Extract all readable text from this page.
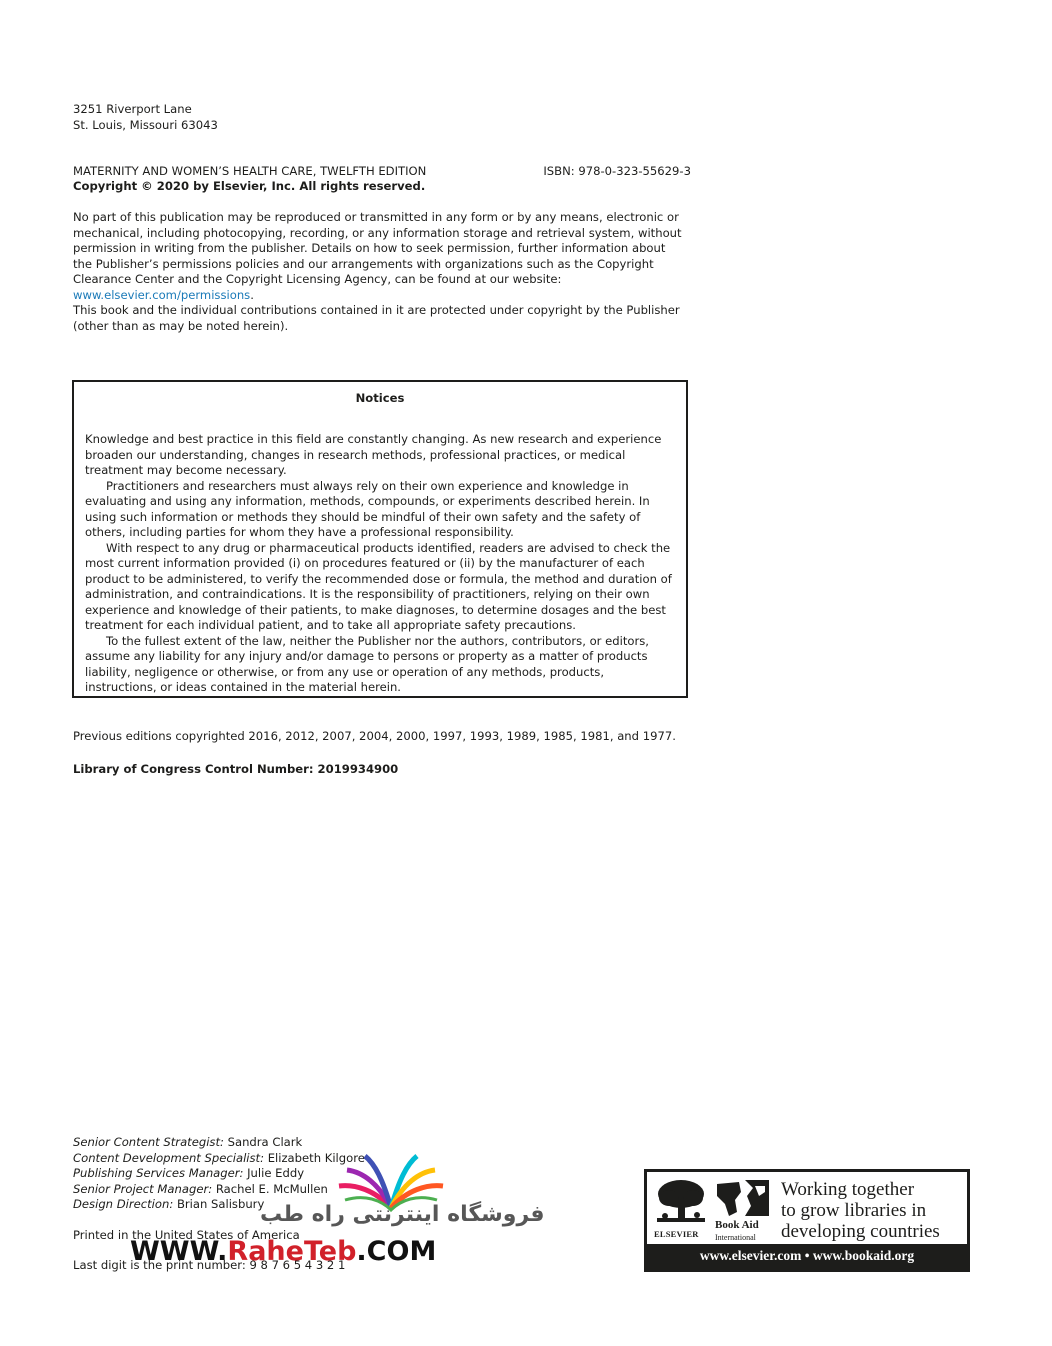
3251 Riverport Lane
St. Louis, Missouri 63043
MATERNITY AND WOMEN’S HEALTH CARE, TWELFTH EDITION	ISBN: 978-0-323-55629-3
Copyright © 2020 by Elsevier, Inc. All rights reserved.
No part of this publication may be reproduced or transmitted in any form or by any means, electronic or mechanical, including photocopying, recording, or any information storage and retrieval system, without permission in writing from the publisher. Details on how to seek permission, further information about the Publisher’s permissions policies and our arrangements with organizations such as the Copyright Clearance Center and the Copyright Licensing Agency, can be found at our website: www.elsevier.com/permissions.
This book and the individual contributions contained in it are protected under copyright by the Publisher (other than as may be noted herein).
Notices

Knowledge and best practice in this field are constantly changing. As new research and experience broaden our understanding, changes in research methods, professional practices, or medical treatment may become necessary.

Practitioners and researchers must always rely on their own experience and knowledge in evaluating and using any information, methods, compounds, or experiments described herein. In using such information or methods they should be mindful of their own safety and the safety of others, including parties for whom they have a professional responsibility.

With respect to any drug or pharmaceutical products identified, readers are advised to check the most current information provided (i) on procedures featured or (ii) by the manufacturer of each product to be administered, to verify the recommended dose or formula, the method and duration of administration, and contraindications. It is the responsibility of practitioners, relying on their own experience and knowledge of their patients, to make diagnoses, to determine dosages and the best treatment for each individual patient, and to take all appropriate safety precautions.

To the fullest extent of the law, neither the Publisher nor the authors, contributors, or editors, assume any liability for any injury and/or damage to persons or property as a matter of products liability, negligence or otherwise, or from any use or operation of any methods, products, instructions, or ideas contained in the material herein.

Previous editions copyrighted 2016, 2012, 2007, 2004, 2000, 1997, 1993, 1989, 1985, 1981, and 1977.
Library of Congress Control Number: 2019934900
Senior Content Strategist: Sandra Clark
Content Development Specialist: Elizabeth Kilgore
Publishing Services Manager: Julie Eddy
Senior Project Manager: Rachel E. McMullen
Design Direction: Brian Salisbury
Printed in the United States of America
Last digit is the print number: 9 8 7 6 5 4 3 2 1
فروشگاه اینترنتی راه طب
WWW.RaheTeb.COM
ELSEVIER
Book Aid
International
Working together
to grow libraries in
developing countries
www.elsevier.com • www.bookaid.org
